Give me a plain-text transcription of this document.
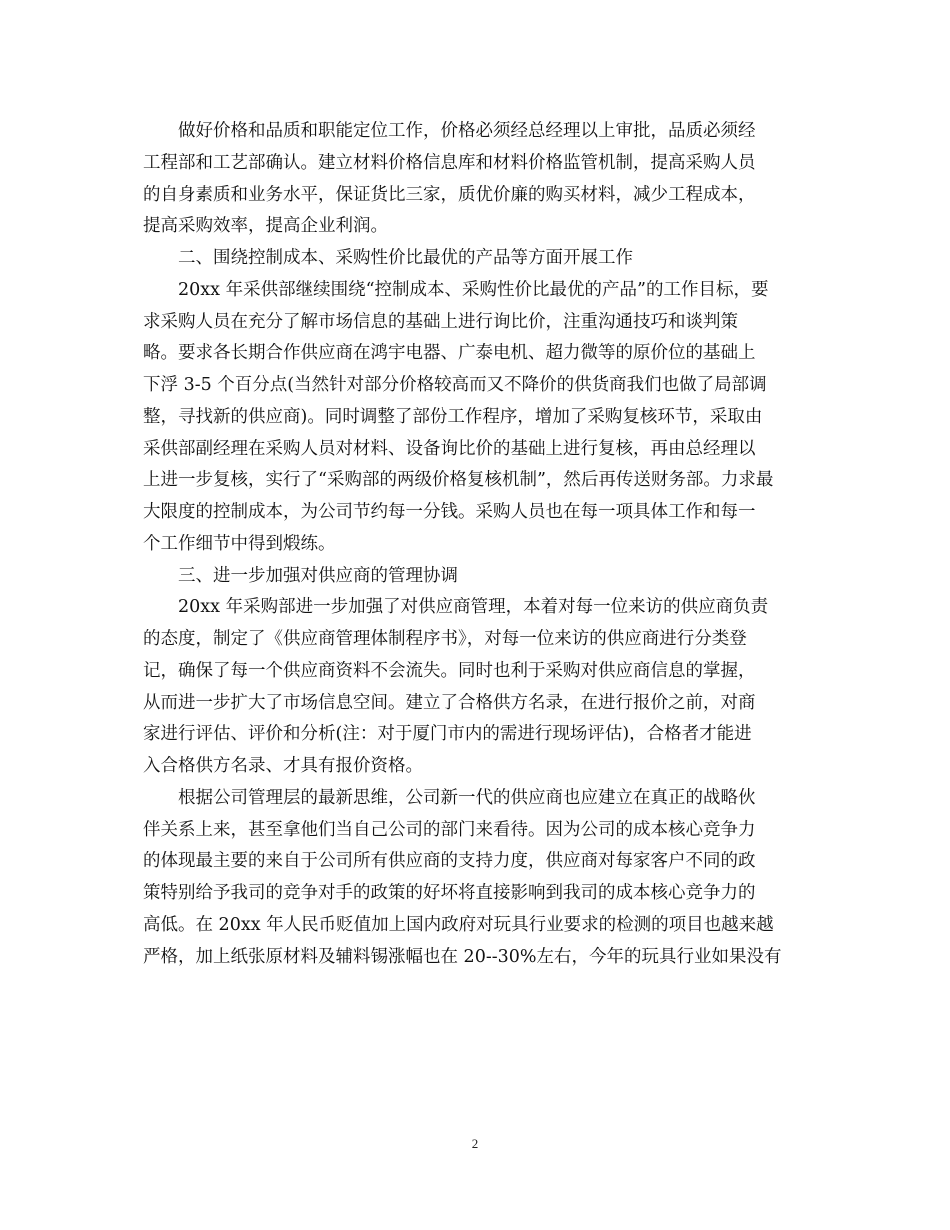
做好价格和品质和职能定位工作，价格必须经总经理以上审批，品质必须经
工程部和工艺部确认。建立材料价格信息库和材料价格监管机制，提高采购人员
的自身素质和业务水平，保证货比三家，质优价廉的购买材料，减少工程成本，
提高采购效率，提高企业利润。
二、围绕控制成本、采购性价比最优的产品等方面开展工作
20xx 年采供部继续围绕“控制成本、采购性价比最优的产品”的工作目标，要
求采购人员在充分了解市场信息的基础上进行询比价，注重沟通技巧和谈判策
略。要求各长期合作供应商在鸿宇电器、广泰电机、超力微等的原价位的基础上
下浮 3-5 个百分点(当然针对部分价格较高而又不降价的供货商我们也做了局部调
整，寻找新的供应商)。同时调整了部份工作程序，增加了采购复核环节，采取由
采供部副经理在采购人员对材料、设备询比价的基础上进行复核，再由总经理以
上进一步复核，实行了“采购部的两级价格复核机制”，然后再传送财务部。力求最
大限度的控制成本，为公司节约每一分钱。采购人员也在每一项具体工作和每一
个工作细节中得到煅练。
三、进一步加强对供应商的管理协调
20xx 年采购部进一步加强了对供应商管理，本着对每一位来访的供应商负责
的态度，制定了《供应商管理体制程序书》，对每一位来访的供应商进行分类登
记，确保了每一个供应商资料不会流失。同时也利于采购对供应商信息的掌握，
从而进一步扩大了市场信息空间。建立了合格供方名录，在进行报价之前，对商
家进行评估、评价和分析(注：对于厦门市内的需进行现场评估)，合格者才能进
入合格供方名录、才具有报价资格。
根据公司管理层的最新思维，公司新一代的供应商也应建立在真正的战略伙
伴关系上来，甚至拿他们当自己公司的部门来看待。因为公司的成本核心竞争力
的体现最主要的来自于公司所有供应商的支持力度，供应商对每家客户不同的政
策特别给予我司的竞争对手的政策的好坏将直接影响到我司的成本核心竞争力的
高低。在 20xx 年人民币贬值加上国内政府对玩具行业要求的检测的项目也越来越
严格，加上纸张原材料及辅料锡涨幅也在 20--30%左右，今年的玩具行业如果没有
2
